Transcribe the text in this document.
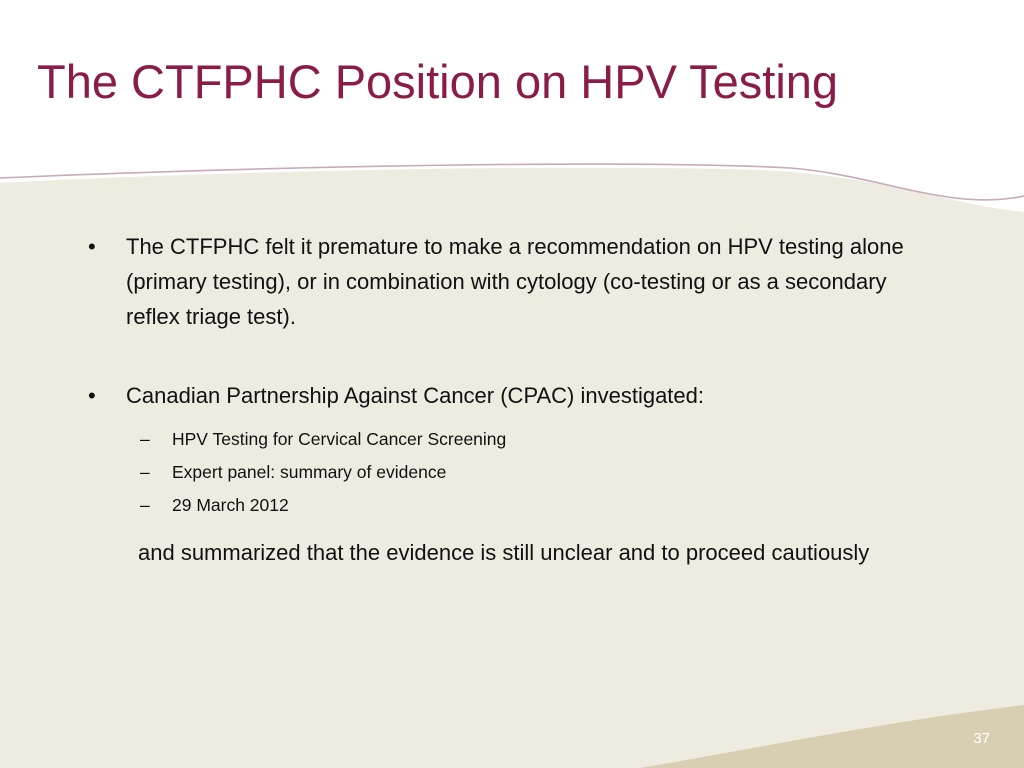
The CTFPHC Position on HPV Testing
• The CTFPHC felt it premature to make a recommendation on HPV testing alone (primary testing), or in combination with cytology (co-testing or as a secondary reflex triage test).

• Canadian Partnership Against Cancer (CPAC) investigated:

– HPV Testing for Cervical Cancer Screening
– Expert panel: summary of evidence
– 29 March 2012

and summarized that the evidence is still unclear and to proceed cautiously

37
